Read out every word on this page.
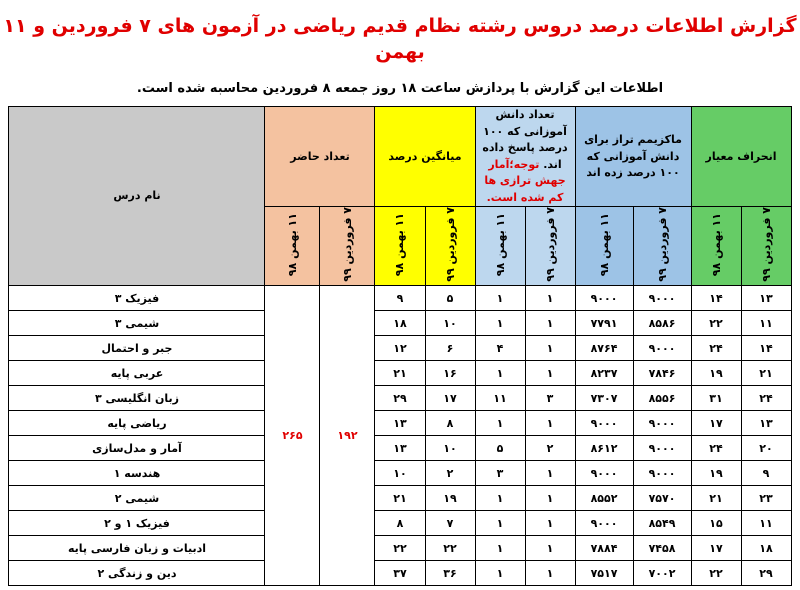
گزارش اطلاعات درصد دروس رشته نظام قدیم ریاضی در آزمون های ۷ فروردین و ۱۱ بهمن
اطلاعات این گزارش با پردازش ساعت ۱۸ روز جمعه ۸ فروردین محاسبه شده است.
انحراف معیار		ماکزیمم تراز برای دانش آموزانی که ۱۰۰ درصد زده اند		تعداد دانش آموزانی که ۱۰۰ درصد پاسخ داده اند. توجه؛آمار جهش ترازی ها کم شده است.		میانگین درصد		تعداد حاضر		نام درس
۷ فروردین ۹۹	۱۱ بهمن ۹۸	۷ فروردین ۹۹	۱۱ بهمن ۹۸	۷ فروردین ۹۹	۱۱ بهمن ۹۸	۷ فروردین ۹۹	۱۱ بهمن ۹۸	۷ فروردین ۹۹	۱۱ بهمن ۹۸	
۱۳	۱۴	۹۰۰۰	۹۰۰۰	۱	۱	۵	۹	۱۹۲	۲۶۵	فیزیک ۳
۱۱	۲۲	۸۵۸۶	۷۷۹۱	۱	۱	۱۰	۱۸			شیمی ۳
۱۴	۲۴	۹۰۰۰	۸۷۶۴	۱	۴	۶	۱۲			جبر و احتمال
۲۱	۱۹	۷۸۴۶	۸۲۳۷	۱	۱	۱۶	۲۱			عربی پایه
۲۴	۳۱	۸۵۵۶	۷۳۰۷	۳	۱۱	۱۷	۲۹			زبان انگلیسی ۳
۱۳	۱۷	۹۰۰۰	۹۰۰۰	۱	۱	۸	۱۳			ریاضی پایه
۲۰	۲۴	۹۰۰۰	۸۶۱۲	۲	۵	۱۰	۱۳			آمار و مدل‌سازی
۹	۱۹	۹۰۰۰	۹۰۰۰	۱	۳	۲	۱۰			هندسه ۱
۲۳	۲۱	۷۵۷۰	۸۵۵۲	۱	۱	۱۹	۲۱			شیمی ۲
۱۱	۱۵	۸۵۴۹	۹۰۰۰	۱	۱	۷	۸			فیزیک ۱ و ۲
۱۸	۱۷	۷۴۵۸	۷۸۸۴	۱	۱	۲۲	۲۲			ادبیات و زبان فارسی پایه
۲۹	۲۲	۷۰۰۲	۷۵۱۷	۱	۱	۳۶	۳۷			دین و زندگی ۲
